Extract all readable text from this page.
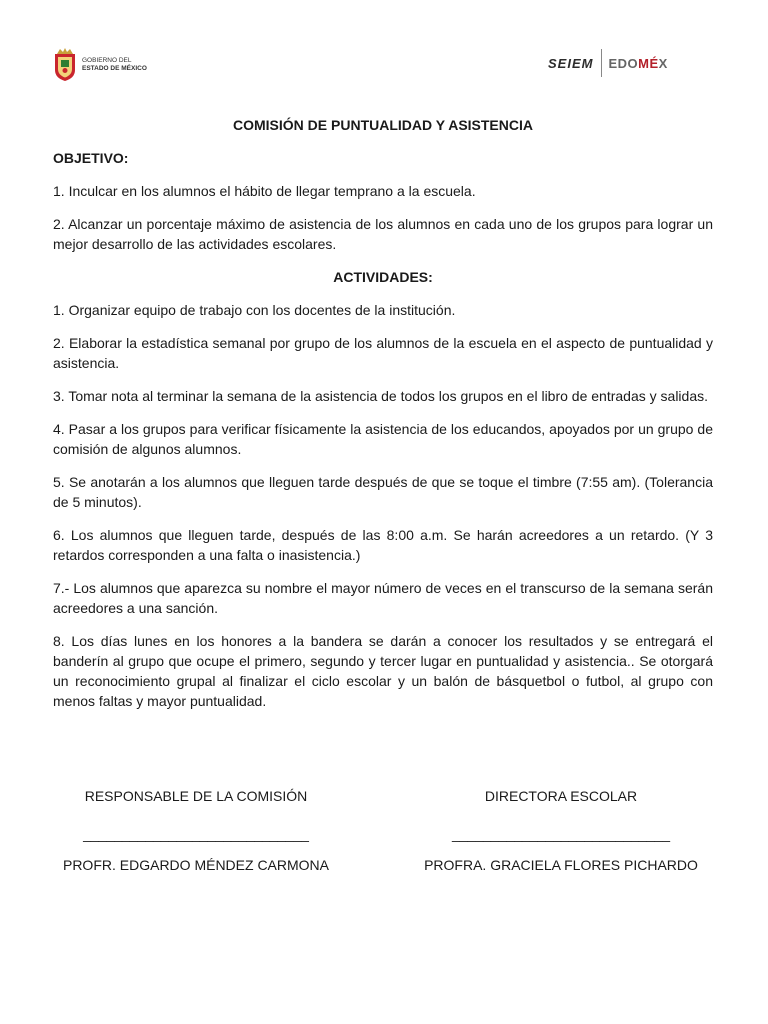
GOBIERNO DEL
ESTADO DE MÉXICO	SEIEM EDOMÉX
COMISIÓN DE PUNTUALIDAD Y ASISTENCIA
OBJETIVO:
1. Inculcar en los alumnos el hábito de llegar temprano a la escuela.
2. Alcanzar un porcentaje máximo de asistencia de los alumnos en cada uno de los grupos para lograr un mejor desarrollo de las actividades escolares.
ACTIVIDADES:
1. Organizar equipo de trabajo con los docentes de la institución.
2. Elaborar la estadística semanal por grupo de los alumnos de la escuela en el aspecto de puntualidad y asistencia.
3. Tomar nota al terminar la semana de la asistencia de todos los grupos en el libro de entradas y salidas.
4. Pasar a los grupos para verificar físicamente la asistencia de los educandos, apoyados por un grupo de comisión de algunos alumnos.
5. Se anotarán a los alumnos que lleguen tarde después de que se toque el timbre (7:55 am). (Tolerancia de 5 minutos).
6. Los alumnos que lleguen tarde, después de las 8:00 a.m. Se harán acreedores a un retardo. (Y 3 retardos corresponden a una falta o inasistencia.)
7.- Los alumnos que aparezca su nombre el mayor número de veces en el transcurso de la semana serán acreedores a una sanción.
8. Los días lunes en los honores a la bandera se darán a conocer los resultados y se entregará el banderín al grupo que ocupe el primero, segundo y tercer lugar en puntualidad y asistencia.. Se otorgará un reconocimiento grupal al finalizar el ciclo escolar y un balón de básquetbol o futbol, al grupo con menos faltas y mayor puntualidad.
RESPONSABLE DE LA COMISIÓN
_____________________________
PROFR. EDGARDO MÉNDEZ CARMONA
DIRECTORA ESCOLAR
____________________________
PROFRA. GRACIELA FLORES PICHARDO
